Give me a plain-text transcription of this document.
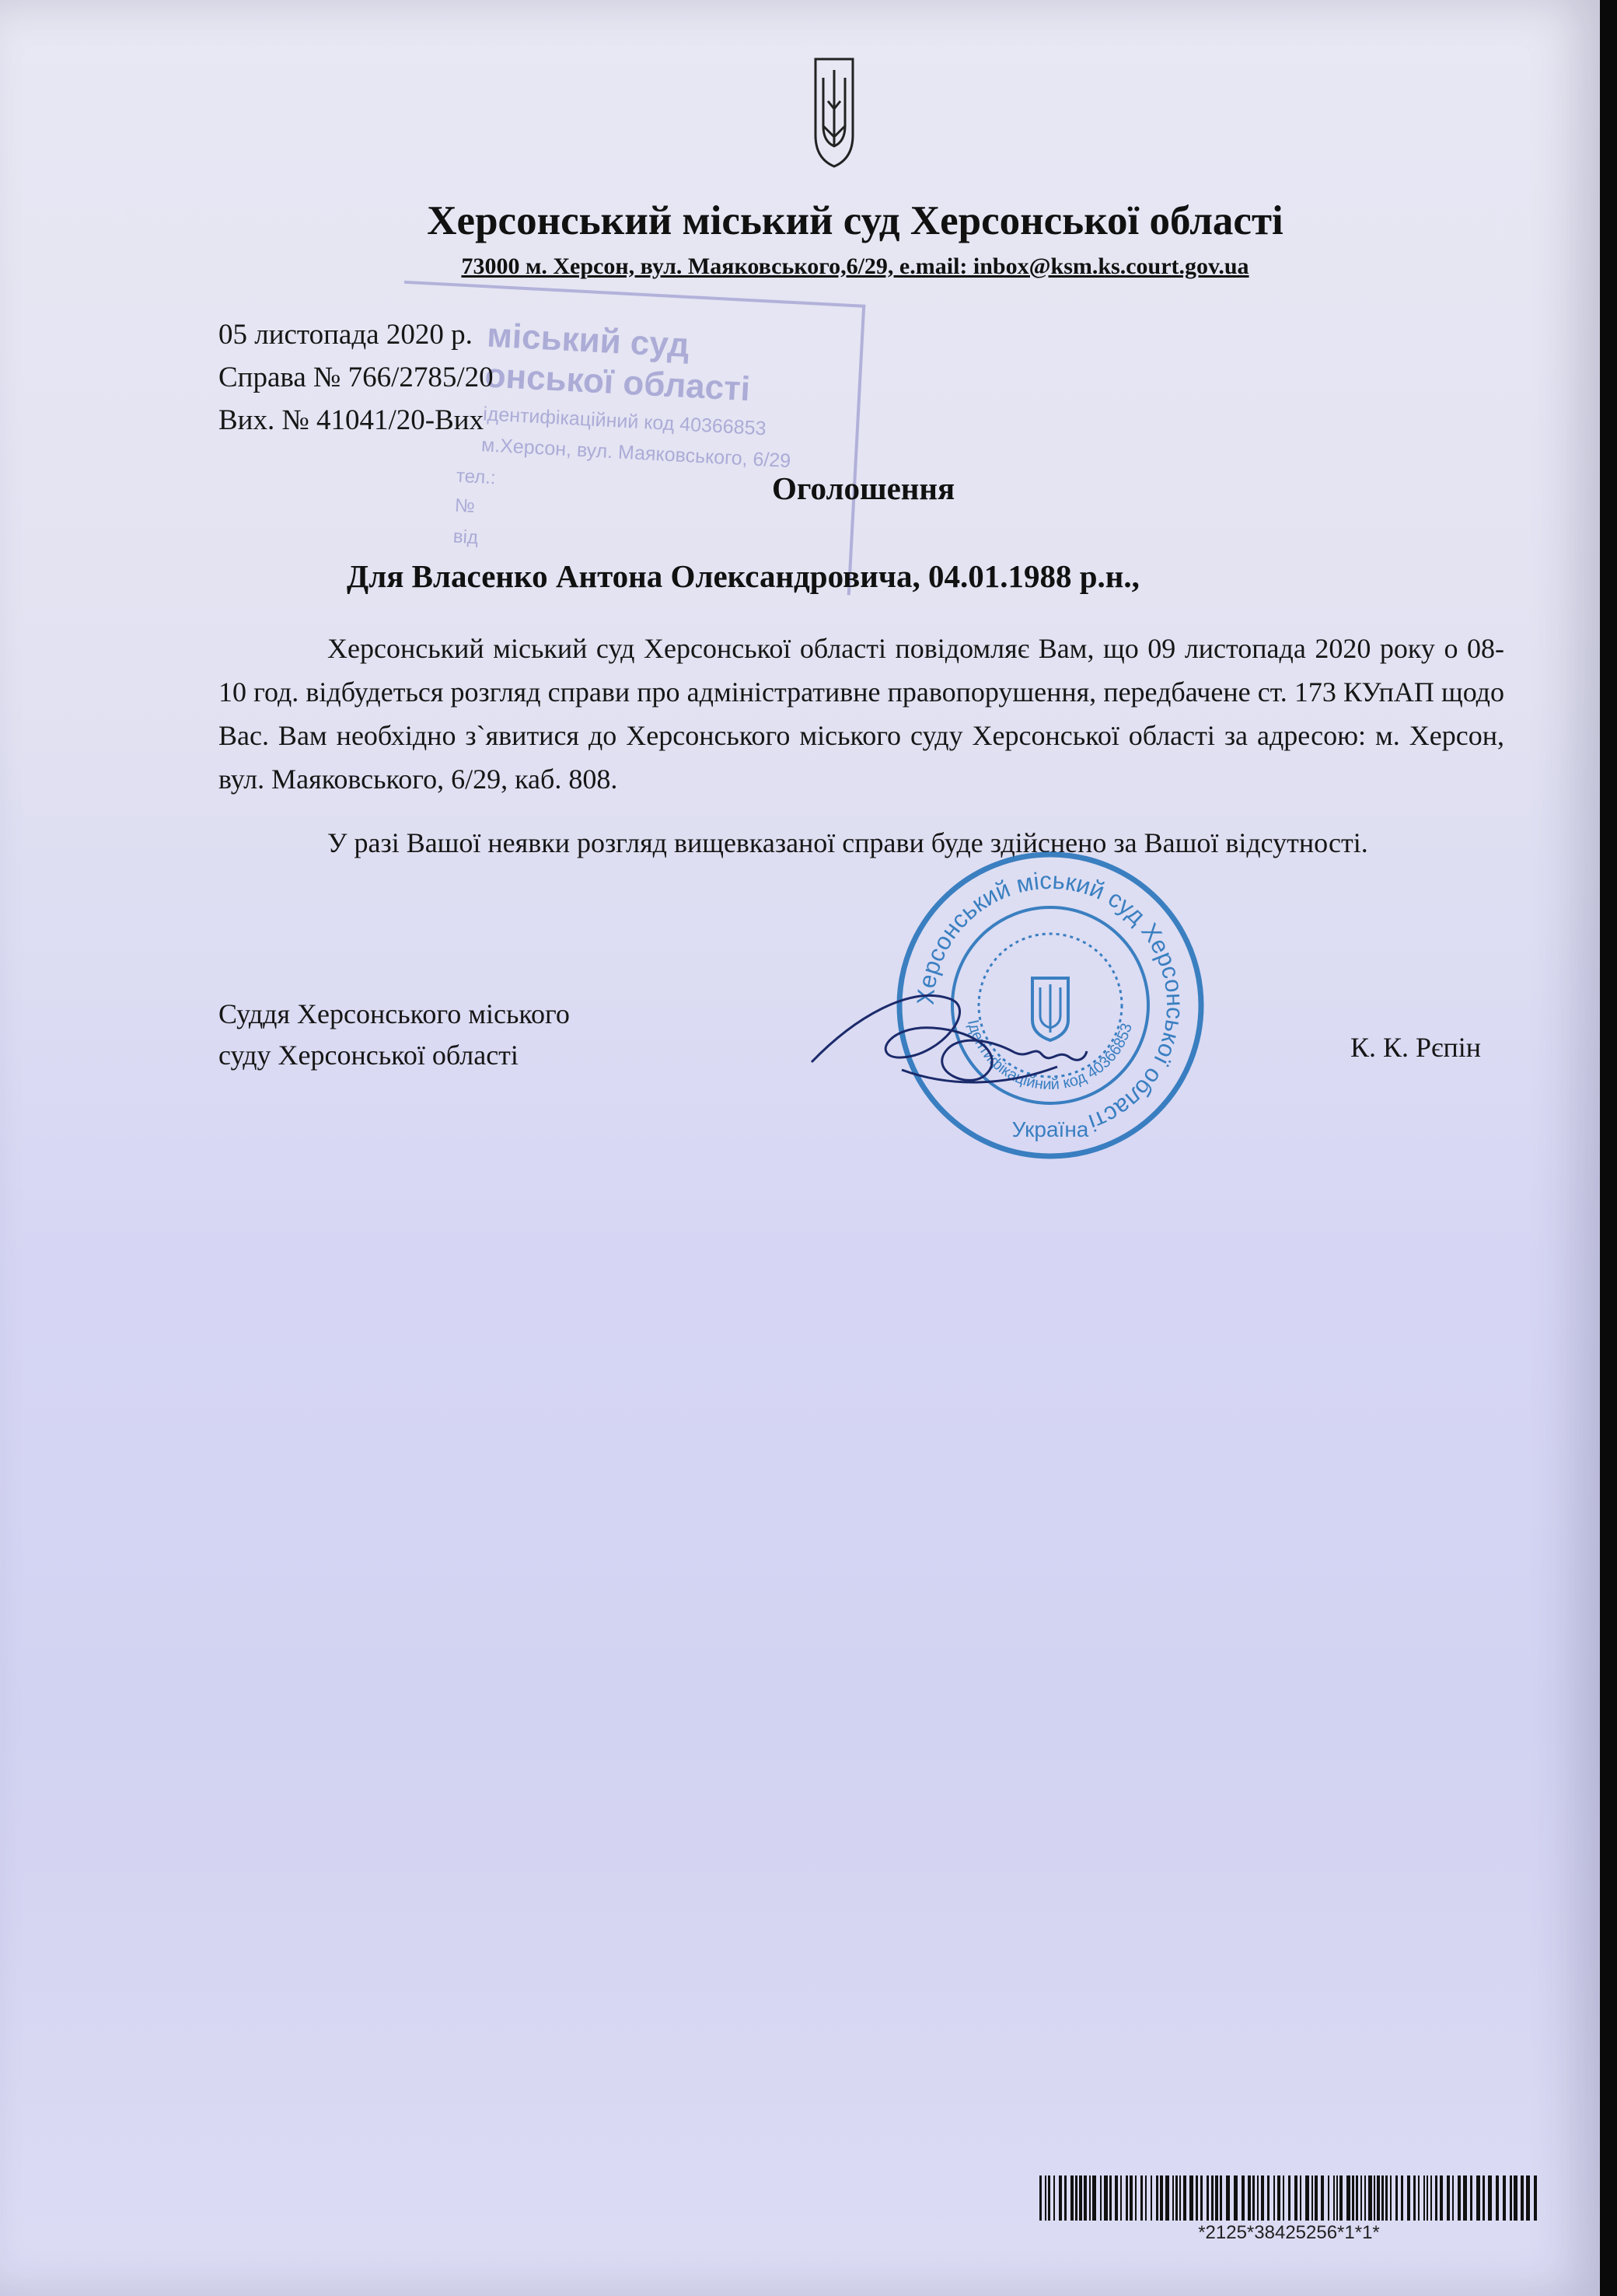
Херсонський міський суд Херсонської області
73000 м. Херсон, вул. Маяковського,6/29, e.mail: inbox@ksm.ks.court.gov.ua
міський суд
онської області
ідентифікаційний код 40366853
м.Херсон, вул. Маяковського, 6/29
тел.:
№
від
05 листопада 2020 р.
Справа № 766/2785/20
Вих. № 41041/20-Вих
Оголошення
Для Власенко Антона Олександровича, 04.01.1988 р.н.,
Херсонський міський суд Херсонської області повідомляє Вам, що 09 листопада 2020 року о 08-10 год. відбудеться розгляд справи про адміністративне правопорушення, передбачене ст. 173 КУпАП щодо Вас. Вам необхідно з`явитися до Херсонського міського суду Херсонської області за адресою: м. Херсон, вул. Маяковського, 6/29, каб. 808.
У разі Вашої неявки розгляд вищевказаної справи буде здійснено за Вашої відсутності.
Суддя Херсонського міського
суду Херсонської області	К. К. Рєпін
Херсонський міський суд Херсонської області
Ідентифікаційний код 40366853
Україна
*2125*38425256*1*1*
